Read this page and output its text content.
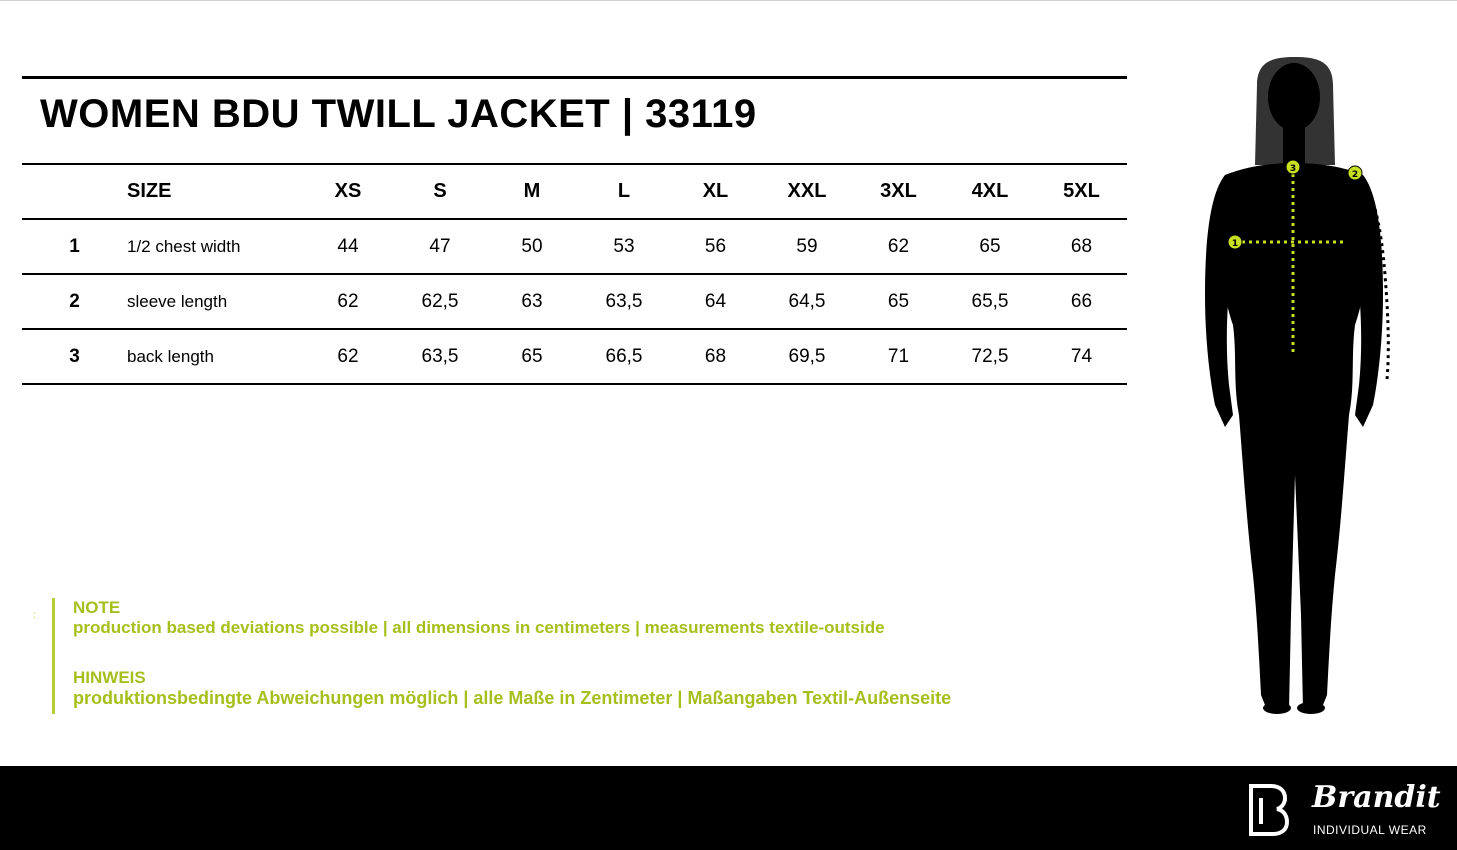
WOMEN BDU TWILL JACKET | 33119
	SIZE	XS	S	M	L	XL	XXL	3XL	4XL	5XL
1	1/2 chest width	44	47	50	53	56	59	62	65	68
2	sleeve length	62	62,5	63	63,5	64	64,5	65	65,5	66
3	back length	62	63,5	65	66,5	68	69,5	71	72,5	74
: NOTE
production based deviations possible | all dimensions in centimeters | measurements textile-outside
HINWEIS
produktionsbedingte Abweichungen möglich | alle Maße in Zentimeter | Maßangaben Textil-Außenseite
1
2
3
Brandit
INDIVIDUAL WEAR
